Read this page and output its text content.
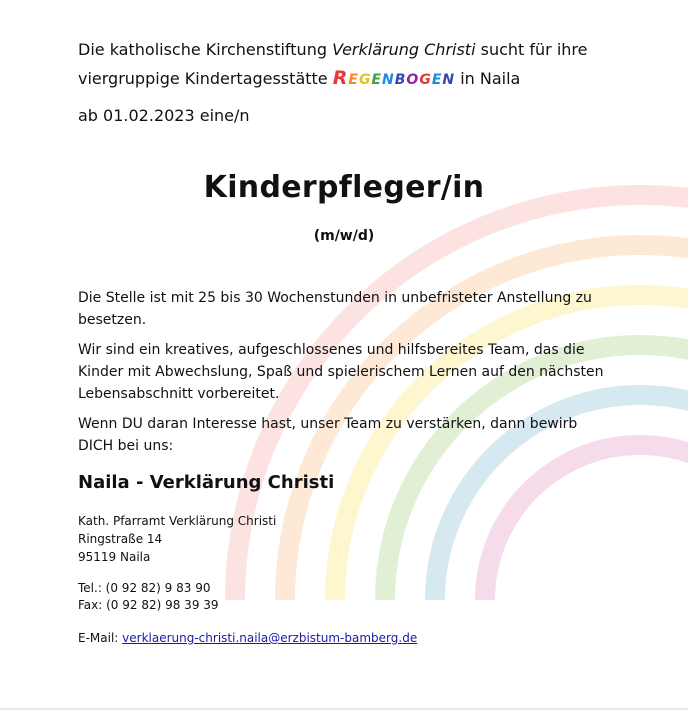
Die katholische Kirchenstiftung Verklärung Christi sucht für ihre
viergruppige Kindertagesstätte REGENBOGEN in Naila
ab 01.02.2023 eine/n
Kinderpfleger/in
(m/w/d)

Die Stelle ist mit 25 bis 30 Wochenstunden in unbefristeter Anstellung zu besetzen.

Wir sind ein kreatives, aufgeschlossenes und hilfsbereites Team, das die Kinder mit Abwechslung, Spaß und spielerischem Lernen auf den nächsten Lebensabschnitt vorbereitet.

Wenn DU daran Interesse hast, unser Team zu verstärken, dann bewirb DICH bei uns:

Naila - Verklärung Christi
Kath. Pfarramt Verklärung Christi
Ringstraße 14
95119 Naila
Tel.: (0 92 82) 9 83 90
Fax: (0 92 82) 98 39 39
E-Mail: verklaerung-christi.naila@erzbistum-bamberg.de
